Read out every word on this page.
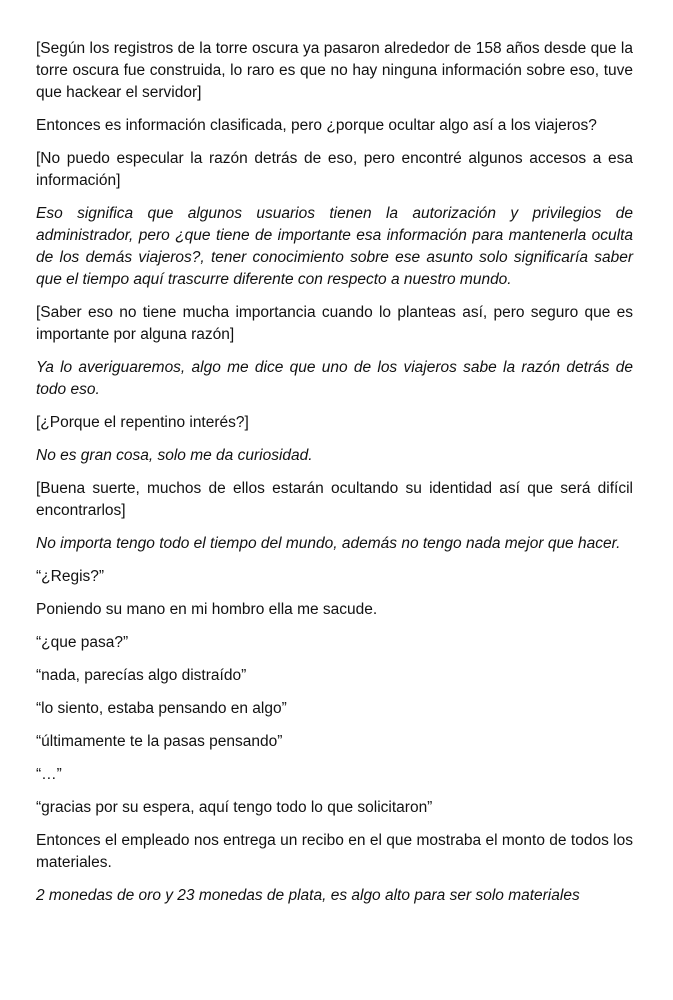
[Según los registros de la torre oscura ya pasaron alrededor de 158 años desde que la torre oscura fue construida, lo raro es que no hay ninguna información sobre eso, tuve que hackear el servidor]

Entonces es información clasificada, pero ¿porque ocultar algo así a los viajeros?

[No puedo especular la razón detrás de eso, pero encontré algunos accesos a esa información]

Eso significa que algunos usuarios tienen la autorización y privilegios de administrador, pero ¿que tiene de importante esa información para mantenerla oculta de los demás viajeros?, tener conocimiento sobre ese asunto solo significaría saber que el tiempo aquí trascurre diferente con respecto a nuestro mundo.

[Saber eso no tiene mucha importancia cuando lo planteas así, pero seguro que es importante por alguna razón]

Ya lo averiguaremos, algo me dice que uno de los viajeros sabe la razón detrás de todo eso.

[¿Porque el repentino interés?]

No es gran cosa, solo me da curiosidad.

[Buena suerte, muchos de ellos estarán ocultando su identidad así que será difícil encontrarlos]

No importa tengo todo el tiempo del mundo, además no tengo nada mejor que hacer.

“¿Regis?”

Poniendo su mano en mi hombro ella me sacude.

“¿que pasa?”

“nada, parecías algo distraído”

“lo siento, estaba pensando en algo”

“últimamente te la pasas pensando”

“…”

“gracias por su espera, aquí tengo todo lo que solicitaron”

Entonces el empleado nos entrega un recibo en el que mostraba el monto de todos los materiales.

2 monedas de oro y 23 monedas de plata, es algo alto para ser solo materiales
